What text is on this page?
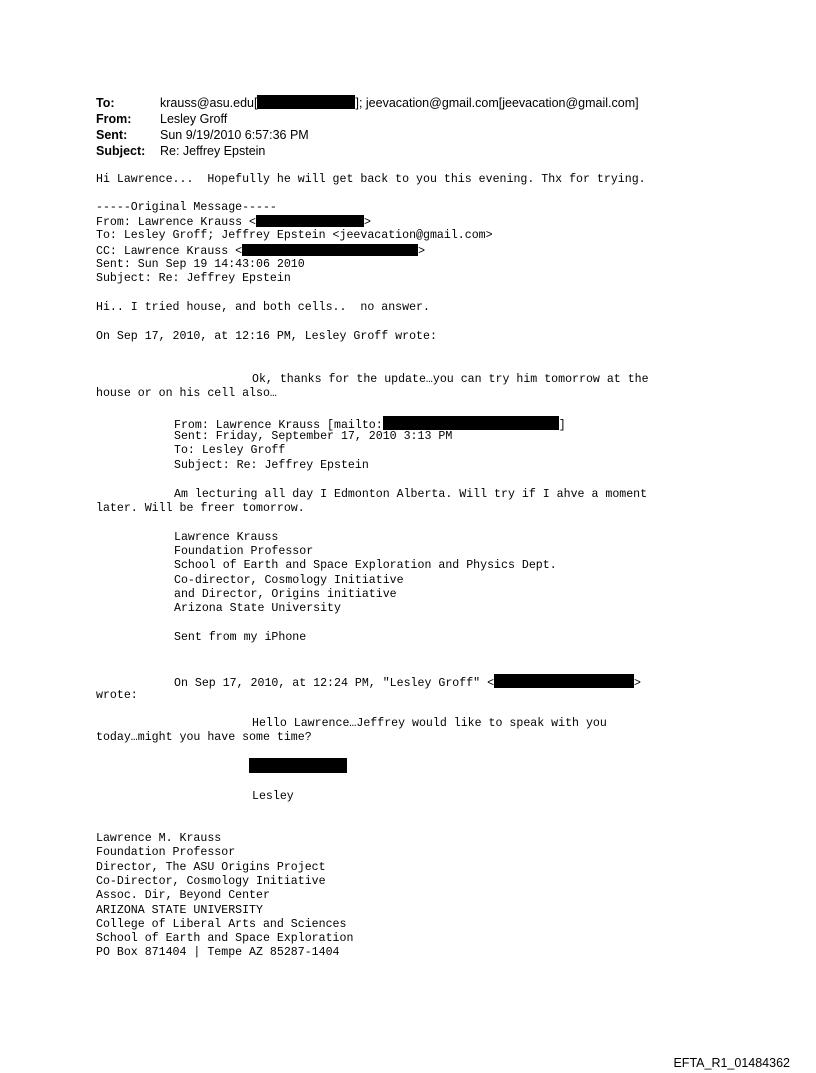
To:	krauss@asu.edu[	]; jeevacation@gmail.com[jeevacation@gmail.com]
From: Lesley Groff
Sent:	Sun 9/19/2010 6:57:36 PM
Subject: Re: Jeffrey Epstein
Hi Lawrence...  Hopefully he will get back to you this evening. Thx for trying.
-----Original Message-----
From: Lawrence Krauss <	>
To: Lesley Groff; Jeffrey Epstein <jeevacation@gmail.com>
CC: Lawrence Krauss <	>
Sent: Sun Sep 19 14:43:06 2010
Subject: Re: Jeffrey Epstein
Hi.. I tried house, and both cells..  no answer.
On Sep 17, 2010, at 12:16 PM, Lesley Groff wrote:
Ok, thanks for the update…you can try him tomorrow at the
house or on his cell also…
From: Lawrence Krauss [mailto:	]
Sent: Friday, September 17, 2010 3:13 PM
To: Lesley Groff
Subject: Re: Jeffrey Epstein
Am lecturing all day I Edmonton Alberta. Will try if I ahve a moment
later. Will be freer tomorrow.
Lawrence Krauss
Foundation Professor
School of Earth and Space Exploration and Physics Dept.
Co-director, Cosmology Initiative
and Director, Origins initiative
Arizona State University
Sent from my iPhone
On Sep 17, 2010, at 12:24 PM, "Lesley Groff" <	>
wrote:
Hello Lawrence…Jeffrey would like to speak with you
today…might you have some time?
Lesley
Lawrence M. Krauss
Foundation Professor
Director, The ASU Origins Project
Co-Director, Cosmology Initiative
Assoc. Dir, Beyond Center
ARIZONA STATE UNIVERSITY
College of Liberal Arts and Sciences
School of Earth and Space Exploration
PO Box 871404 | Tempe AZ 85287-1404
EFTA_R1_01484362
